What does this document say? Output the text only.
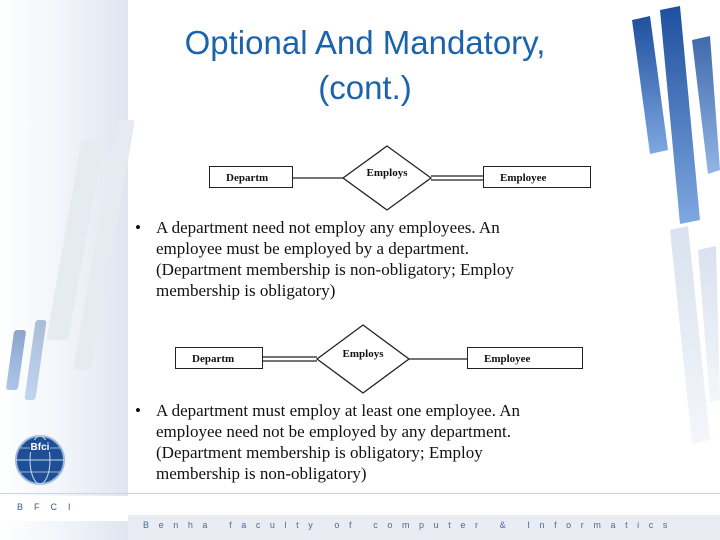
Optional And Mandatory,
(cont.)
Departm	Employs	Employee
• A department need not employ any employees. An
employee must be employed by a department.
(Department membership is non-obligatory; Employ
membership is obligatory)
Departm	Employs	Employee
• A department must employ at least one employee. An
employee need not be employed by any department.
(Department membership is obligatory; Employ
membership is non-obligatory)
Bfci
BFCI
Benha faculty of computer & Informatics
